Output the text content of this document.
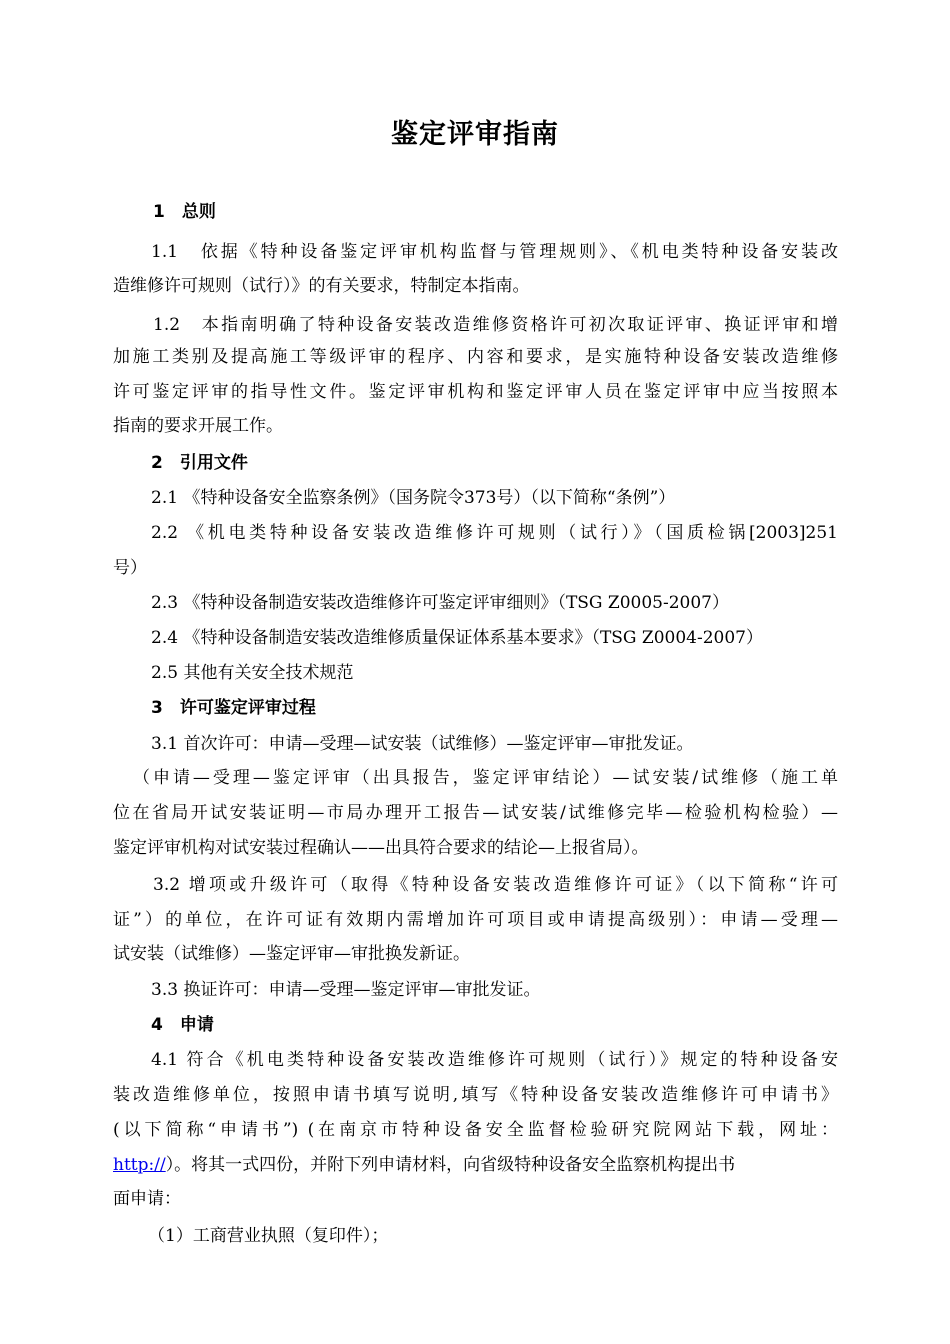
鉴定评审指南
1　总则
1.1　依据《特种设备鉴定评审机构监督与管理规则》、《机电类特种设备安装改
造维修许可规则（试行）》的有关要求，特制定本指南。
1.2　本指南明确了特种设备安装改造维修资格许可初次取证评审、换证评审和增
加施工类别及提高施工等级评审的程序、内容和要求，是实施特种设备安装改造维修
许可鉴定评审的指导性文件。鉴定评审机构和鉴定评审人员在鉴定评审中应当按照本
指南的要求开展工作。
2　引用文件
2.1 《特种设备安全监察条例》（国务院令373号）（以下简称“条例”）
2.2 《机电类特种设备安装改造维修许可规则（试行）》（国质检锅[2003]251
号）
2.3 《特种设备制造安装改造维修许可鉴定评审细则》（TSG Z0005-2007）
2.4 《特种设备制造安装改造维修质量保证体系基本要求》（TSG Z0004-2007）
2.5 其他有关安全技术规范
3　许可鉴定评审过程
3.1 首次许可：申请—受理—试安装（试维修）—鉴定评审—审批发证。
（申请—受理—鉴定评审（出具报告，鉴定评审结论）—试安装/试维修（施工单
位在省局开试安装证明—市局办理开工报告—试安装/试维修完毕—检验机构检验）—
鉴定评审机构对试安装过程确认——出具符合要求的结论—上报省局）。
3.2 增项或升级许可（取得《特种设备安装改造维修许可证》（以下简称“许可
证”）的单位，在许可证有效期内需增加许可项目或申请提高级别）：申请—受理—
试安装（试维修）—鉴定评审—审批换发新证。
3.3 换证许可：申请—受理—鉴定评审—审批发证。
4　申请
4.1 符合《机电类特种设备安装改造维修许可规则（试行）》规定的特种设备安
装改造维修单位，按照申请书填写说明,填写《特种设备安装改造维修许可申请书》
(以下简称“申请书”) (在南京市特种设备安全监督检验研究院网站下载，网址：
http://）。将其一式四份，并附下列申请材料，向省级特种设备安全监察机构提出书
面申请：
（1）工商营业执照（复印件）；
